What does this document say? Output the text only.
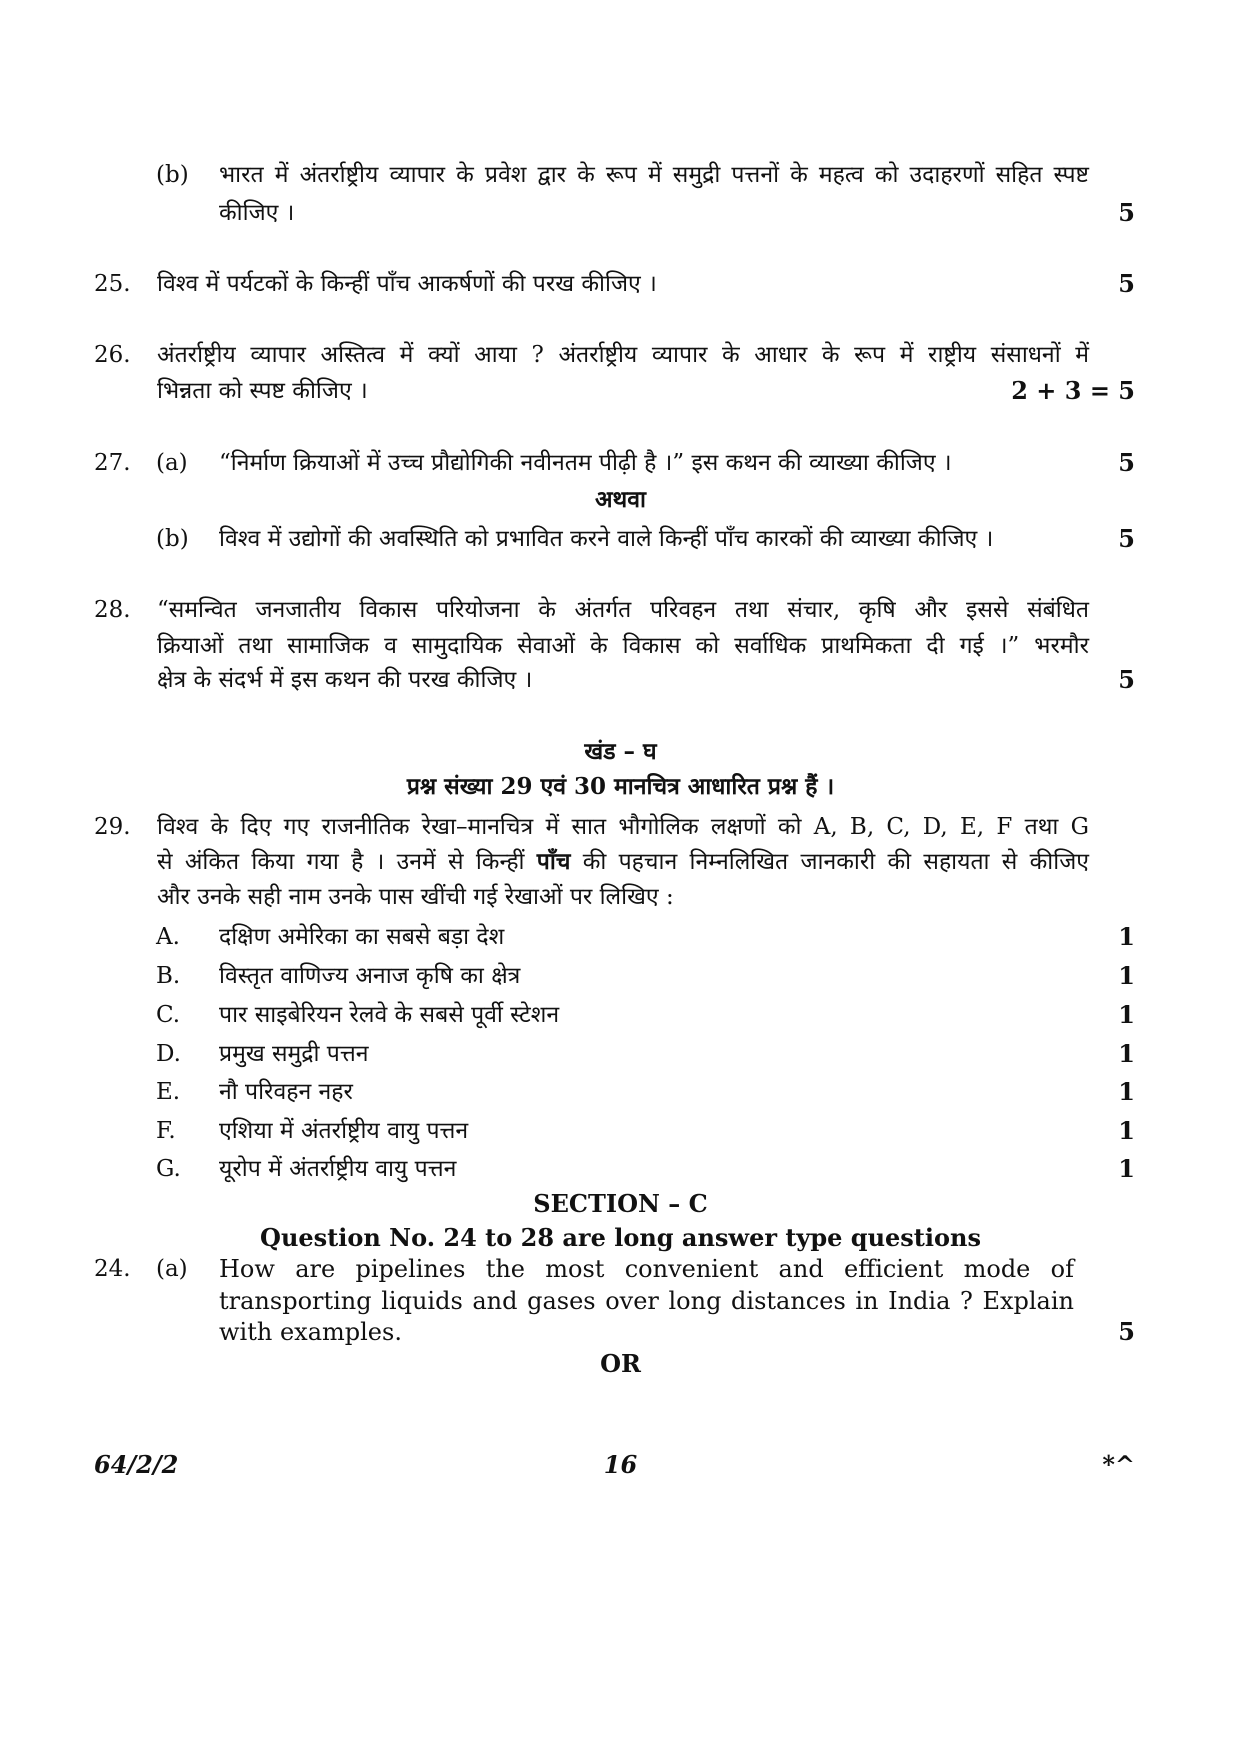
(b)	भारत में अंतर्राष्ट्रीय व्यापार के प्रवेश द्वार के रूप में समुद्री पत्तनों के महत्व को उदाहरणों सहित स्पष्ट
कीजिए ।	5
25.	विश्व में पर्यटकों के किन्हीं पाँच आकर्षणों की परख कीजिए ।	5
26.	अंतर्राष्ट्रीय व्यापार अस्तित्व में क्यों आया ? अंतर्राष्ट्रीय व्यापार के आधार के रूप में राष्ट्रीय संसाधनों में
भिन्नता को स्पष्ट कीजिए ।	2 + 3 = 5
27.	(a)	“निर्माण क्रियाओं में उच्च प्रौद्योगिकी नवीनतम पीढ़ी है ।” इस कथन की व्याख्या कीजिए ।	5
अथवा
(b)	विश्व में उद्योगों की अवस्थिति को प्रभावित करने वाले किन्हीं पाँच कारकों की व्याख्या कीजिए ।	5
28.	“समन्वित जनजातीय विकास परियोजना के अंतर्गत परिवहन तथा संचार, कृषि और इससे संबंधित
क्रियाओं तथा सामाजिक व सामुदायिक सेवाओं के विकास को सर्वाधिक प्राथमिकता दी गई ।” भरमौर
क्षेत्र के संदर्भ में इस कथन की परख कीजिए ।	5
खंड – घ
प्रश्न संख्या 29 एवं 30 मानचित्र आधारित प्रश्न हैं ।
29.	विश्व के दिए गए राजनीतिक रेखा–मानचित्र में सात भौगोलिक लक्षणों को A, B, C, D, E, F तथा G
से अंकित किया गया है । उनमें से किन्हीं पाँच की पहचान निम्नलिखित जानकारी की सहायता से कीजिए
और उनके सही नाम उनके पास खींची गई रेखाओं पर लिखिए :
A.	दक्षिण अमेरिका का सबसे बड़ा देश	1
B.	विस्तृत वाणिज्य अनाज कृषि का क्षेत्र	1
C.	पार साइबेरियन रेलवे के सबसे पूर्वी स्टेशन	1
D.	प्रमुख समुद्री पत्तन	1
E.	नौ परिवहन नहर	1
F.	एशिया में अंतर्राष्ट्रीय वायु पत्तन	1
G.	यूरोप में अंतर्राष्ट्रीय वायु पत्तन	1
SECTION – C
Question No. 24 to 28 are long answer type questions
24.	(a)	How are pipelines the most convenient and efficient mode of
transporting liquids and gases over long distances in India ? Explain
with examples.	5
OR
64/2/2	16	*^
